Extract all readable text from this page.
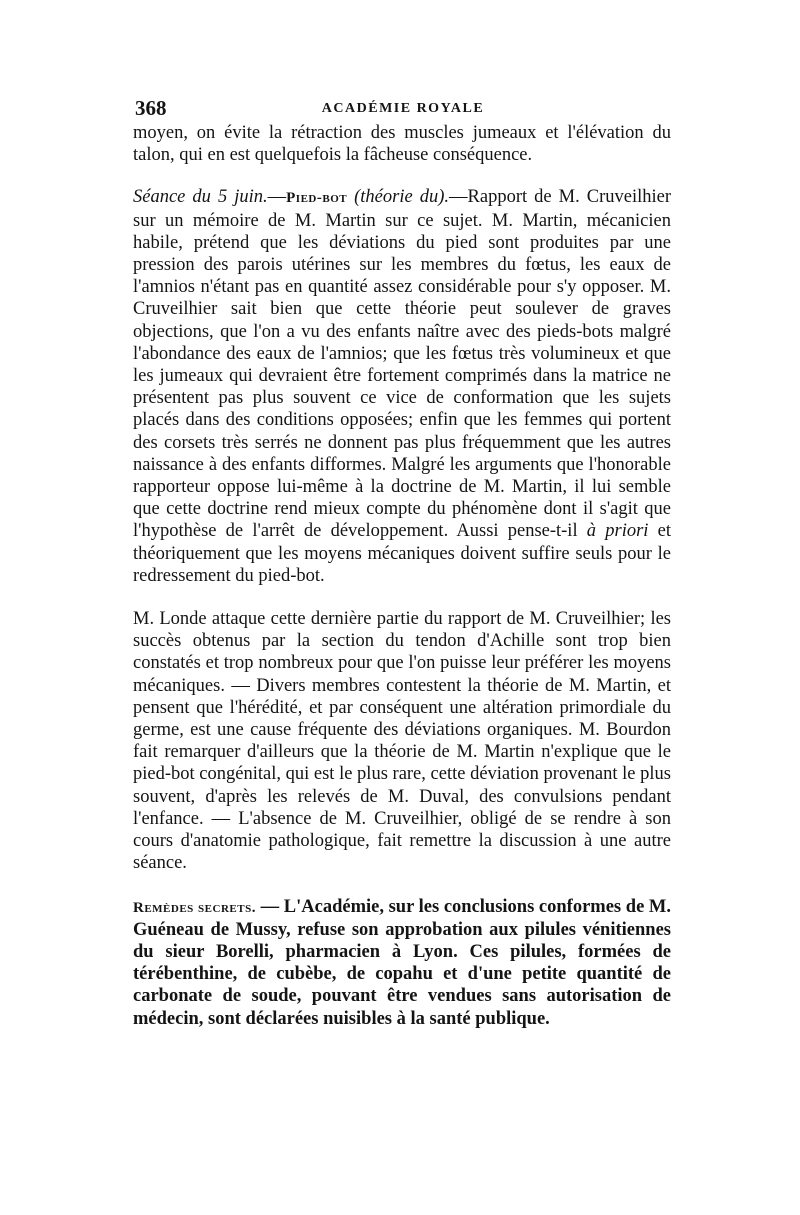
368	ACADÉMIE ROYALE

moyen, on évite la rétraction des muscles jumeaux et l'élévation du talon, qui en est quelquefois la fâcheuse conséquence.

Séance du 5 juin.—Pied-bot (théorie du).—Rapport de M. Cruveilhier sur un mémoire de M. Martin sur ce sujet. M. Martin, mécanicien habile, prétend que les déviations du pied sont produites par une pression des parois utérines sur les membres du fœtus, les eaux de l'amnios n'étant pas en quantité assez considérable pour s'y opposer. M. Cruveilhier sait bien que cette théorie peut soulever de graves objections, que l'on a vu des enfants naître avec des pieds-bots malgré l'abondance des eaux de l'amnios; que les fœtus très volumineux et que les jumeaux qui devraient être fortement comprimés dans la matrice ne présentent pas plus souvent ce vice de conformation que les sujets placés dans des conditions opposées; enfin que les femmes qui portent des corsets très serrés ne donnent pas plus fréquemment que les autres naissance à des enfants difformes. Malgré les arguments que l'honorable rapporteur oppose lui-même à la doctrine de M. Martin, il lui semble que cette doctrine rend mieux compte du phénomène dont il s'agit que l'hypothèse de l'arrêt de développement. Aussi pense-t-il à priori et théoriquement que les moyens mécaniques doivent suffire seuls pour le redressement du pied-bot.

M. Londe attaque cette dernière partie du rapport de M. Cruveilhier; les succès obtenus par la section du tendon d'Achille sont trop bien constatés et trop nombreux pour que l'on puisse leur préférer les moyens mécaniques. — Divers membres contestent la théorie de M. Martin, et pensent que l'hérédité, et par conséquent une altération primordiale du germe, est une cause fréquente des déviations organiques. M. Bourdon fait remarquer d'ailleurs que la théorie de M. Martin n'explique que le pied-bot congénital, qui est le plus rare, cette déviation provenant le plus souvent, d'après les relevés de M. Duval, des convulsions pendant l'enfance. — L'absence de M. Cruveilhier, obligé de se rendre à son cours d'anatomie pathologique, fait remettre la discussion à une autre séance.

Remèdes secrets. — L'Académie, sur les conclusions conformes de M. Guéneau de Mussy, refuse son approbation aux pilules vénitiennes du sieur Borelli, pharmacien à Lyon. Ces pilules, formées de térébenthine, de cubèbe, de copahu et d'une petite quantité de carbonate de soude, pouvant être vendues sans autorisation de médecin, sont déclarées nuisibles à la santé publique.
